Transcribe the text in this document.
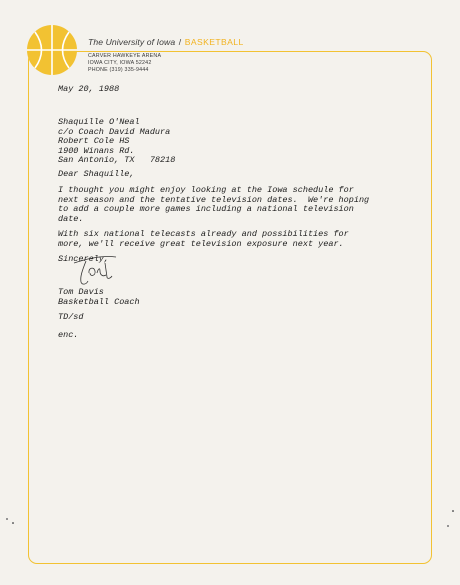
The University of Iowa / BASKETBALL
CARVER HAWKEYE ARENA
IOWA CITY, IOWA 52242
PHONE (319) 335-9444
May 20, 1988
Shaquille O'Neal
c/o Coach David Madura
Robert Cole HS
1900 Winans Rd.
San Antonio, TX   78218
Dear Shaquille,
I thought you might enjoy looking at the Iowa schedule for
next season and the tentative television dates.  We're hoping
to add a couple more games including a national television
date.
With six national telecasts already and possibilities for
more, we'll receive great television exposure next year.
Sincerely,
Tom Davis
Basketball Coach
TD/sd
enc.
